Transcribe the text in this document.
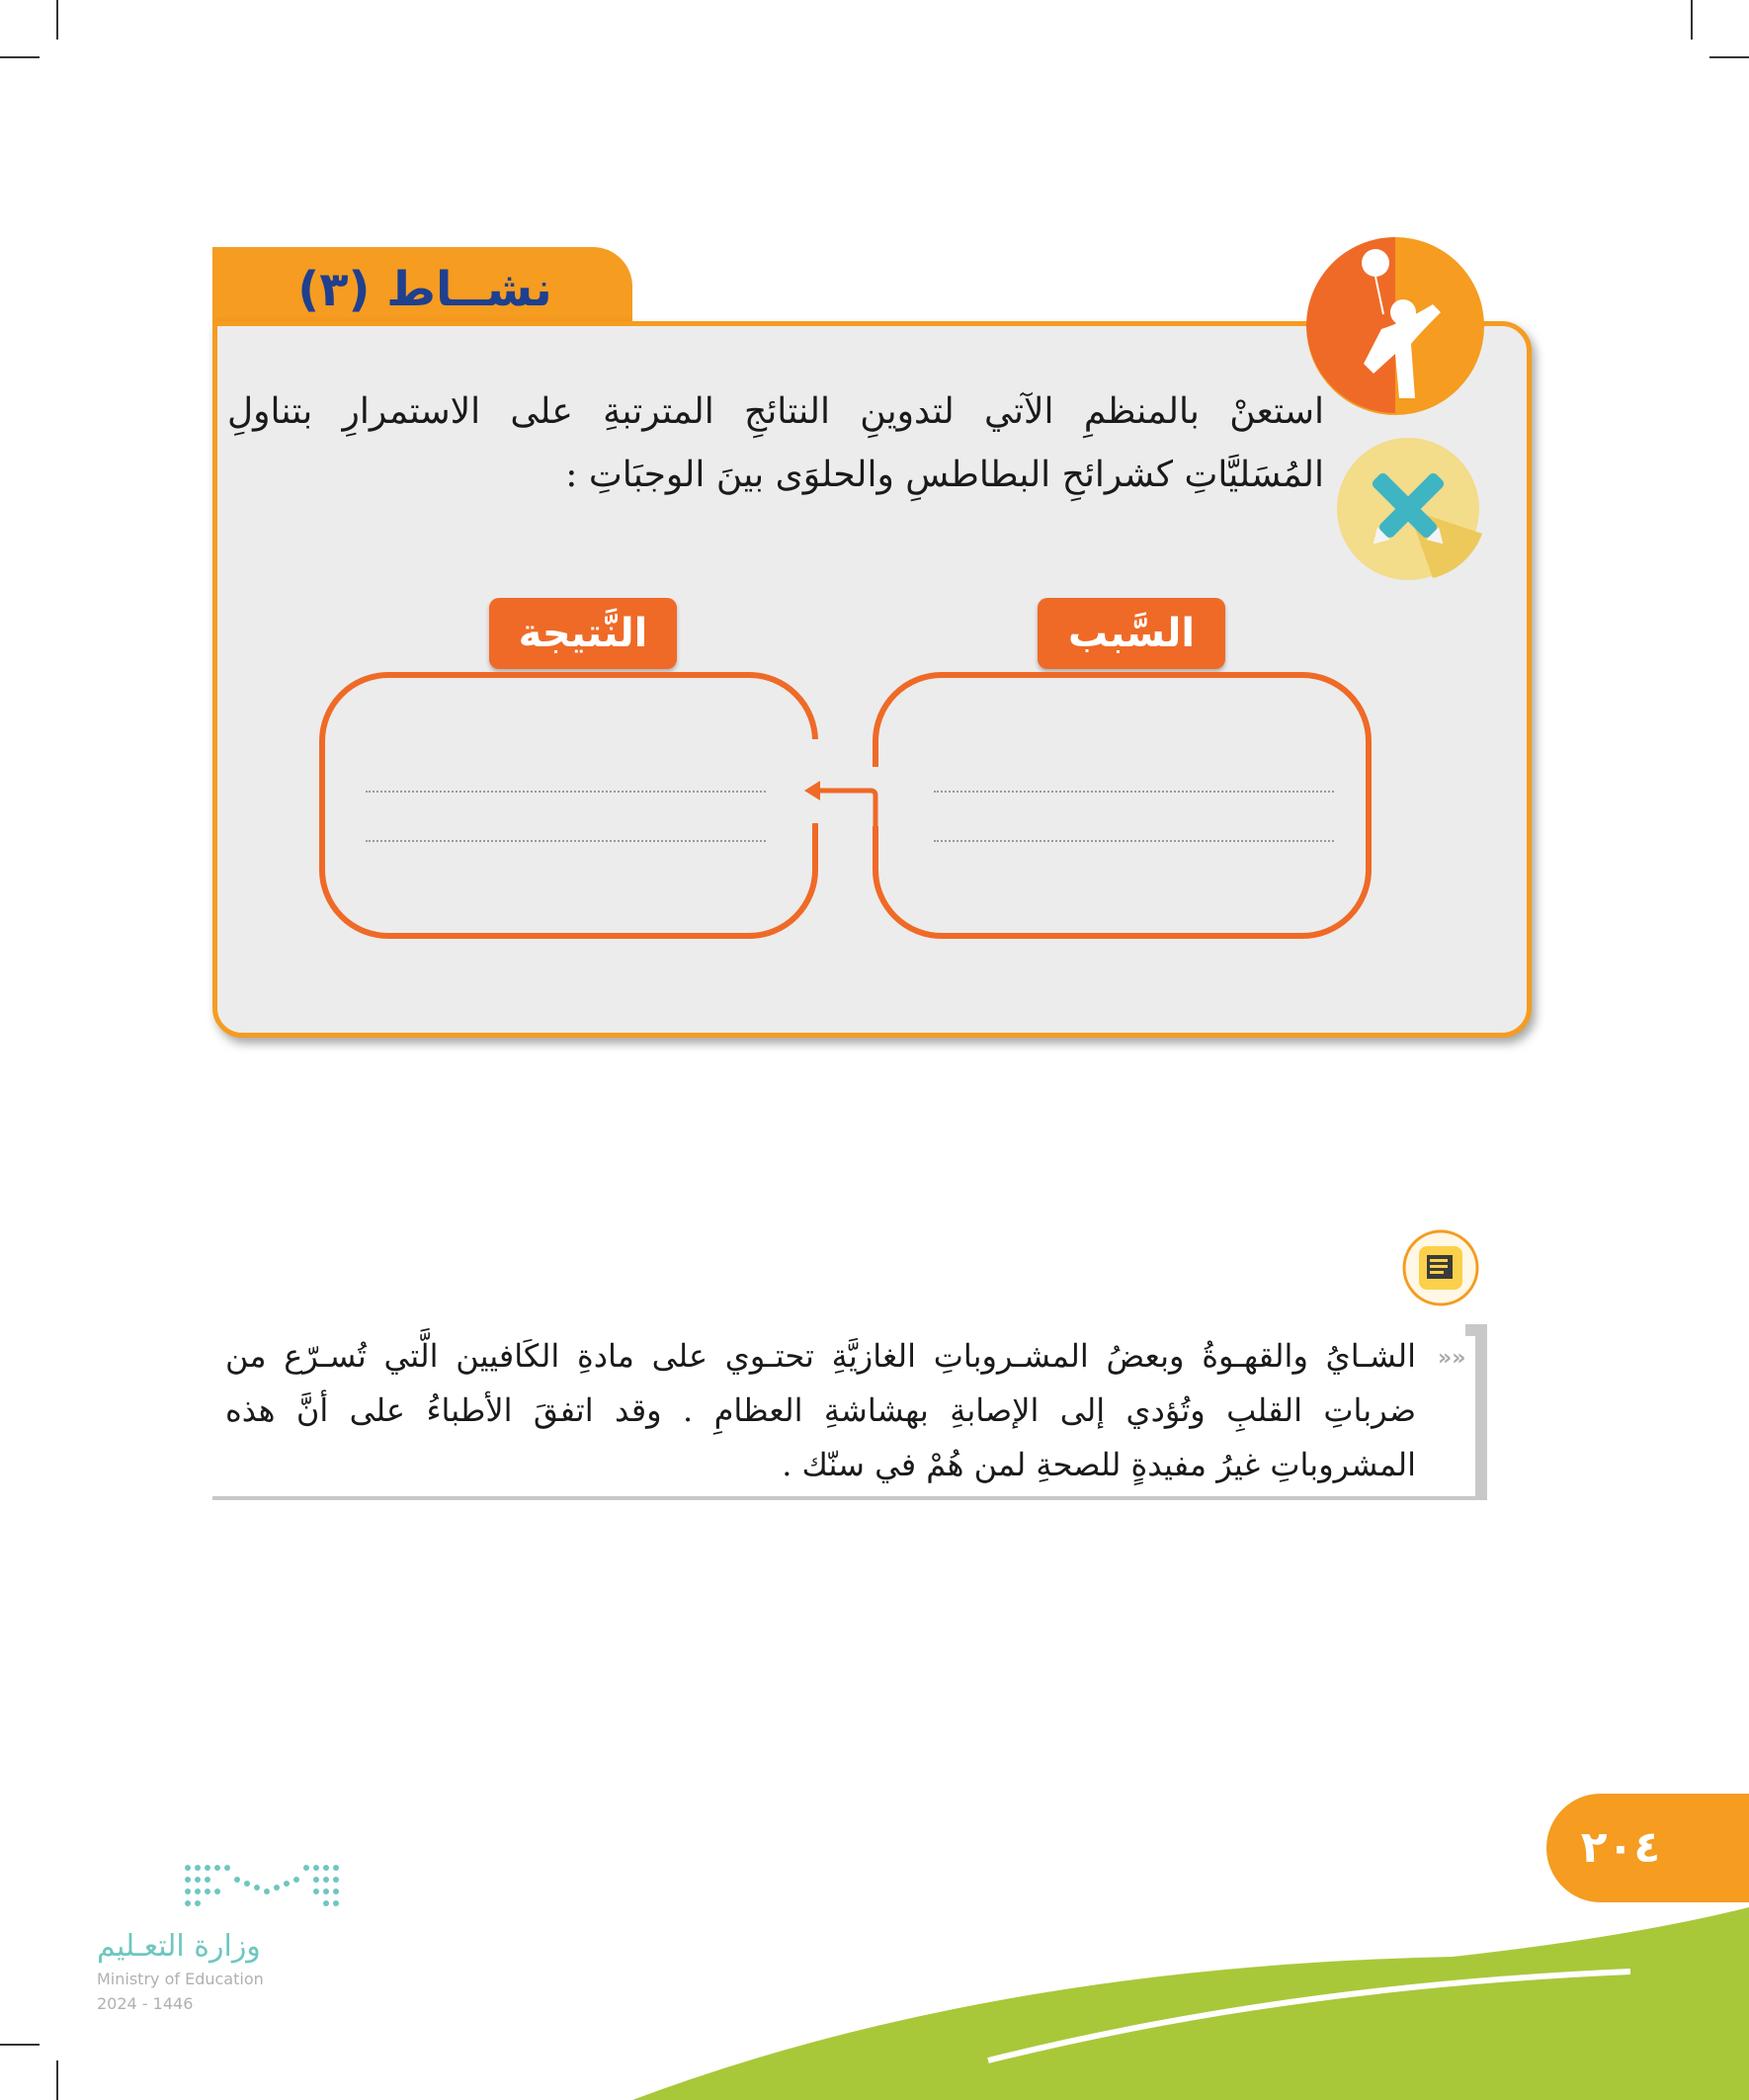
نشــاط (٣)

استعنْ بالمنظمِ الآتي لتدوينِ النتائجِ المترتبةِ على الاستمرارِ بتناولِ المُسَليَّاتِ كشرائحِ البطاطسِ والحلوَى بينَ الوجبَاتِ :

السَّبب
النَّتيجة
»»

الشـايُ والقهـوةُ وبعضُ المشـروباتِ الغازيَّةِ تحتـوي على مادةِ الكَافيين الَّتي تُسـرّع من ضرباتِ القلبِ وتُؤدي إلى الإصابةِ بهشاشةِ العظامِ . وقد اتفقَ الأطباءُ على أنَّ هذه المشروباتِ غيرُ مفيدةٍ للصحةِ لمن هُمْ في سنّك .

٢٠٤
وزارة التعـليم
Ministry of Education
2024 - 1446
